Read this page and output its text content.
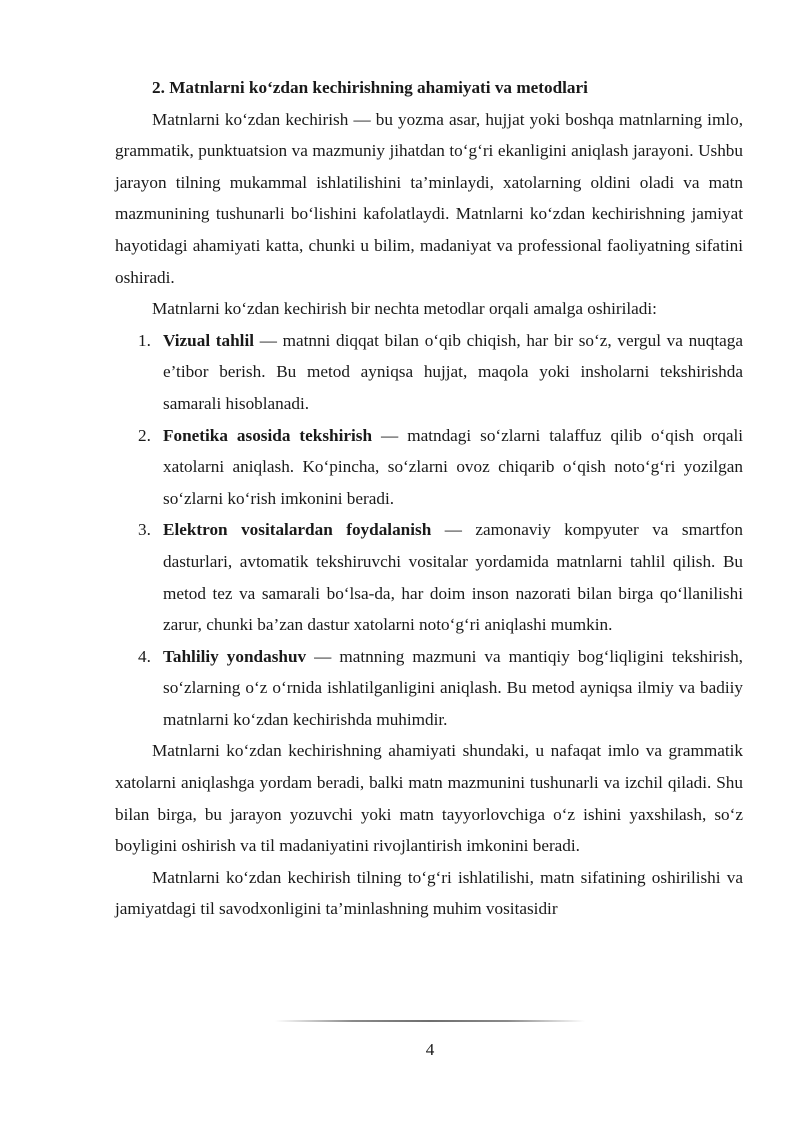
2. Matnlarni ko‘zdan kechirishning ahamiyati va metodlari

Matnlarni ko‘zdan kechirish — bu yozma asar, hujjat yoki boshqa matnlarning imlo, grammatik, punktuatsion va mazmuniy jihatdan to‘g‘ri ekanligini aniqlash jarayoni. Ushbu jarayon tilning mukammal ishlatilishini ta’minlaydi, xatolarning oldini oladi va matn mazmunining tushunarli bo‘lishini kafolatlaydi. Matnlarni ko‘zdan kechirishning jamiyat hayotidagi ahamiyati katta, chunki u bilim, madaniyat va professional faoliyatning sifatini oshiradi.

Matnlarni ko‘zdan kechirish bir nechta metodlar orqali amalga oshiriladi:

1. Vizual tahlil — matnni diqqat bilan o‘qib chiqish, har bir so‘z, vergul va nuqtaga e’tibor berish. Bu metod ayniqsa hujjat, maqola yoki insholarni tekshirishda samarali hisoblanadi.
2. Fonetika asosida tekshirish — matndagi so‘zlarni talaffuz qilib o‘qish orqali xatolarni aniqlash. Ko‘pincha, so‘zlarni ovoz chiqarib o‘qish noto‘g‘ri yozilgan so‘zlarni ko‘rish imkonini beradi.
3. Elektron vositalardan foydalanish — zamonaviy kompyuter va smartfon dasturlari, avtomatik tekshiruvchi vositalar yordamida matnlarni tahlil qilish. Bu metod tez va samarali bo‘lsa-da, har doim inson nazorati bilan birga qo‘llanilishi zarur, chunki ba’zan dastur xatolarni noto‘g‘ri aniqlashi mumkin.
4. Tahliliy yondashuv — matnning mazmuni va mantiqiy bog‘liqligini tekshirish, so‘zlarning o‘z o‘rnida ishlatilganligini aniqlash. Bu metod ayniqsa ilmiy va badiiy matnlarni ko‘zdan kechirishda muhimdir.

Matnlarni ko‘zdan kechirishning ahamiyati shundaki, u nafaqat imlo va grammatik xatolarni aniqlashga yordam beradi, balki matn mazmunini tushunarli va izchil qiladi. Shu bilan birga, bu jarayon yozuvchi yoki matn tayyorlovchiga o‘z ishini yaxshilash, so‘z boyligini oshirish va til madaniyatini rivojlantirish imkonini beradi.

Matnlarni ko‘zdan kechirish tilning to‘g‘ri ishlatilishi, matn sifatining oshirilishi va jamiyatdagi til savodxonligini ta’minlashning muhim vositasidir

4
